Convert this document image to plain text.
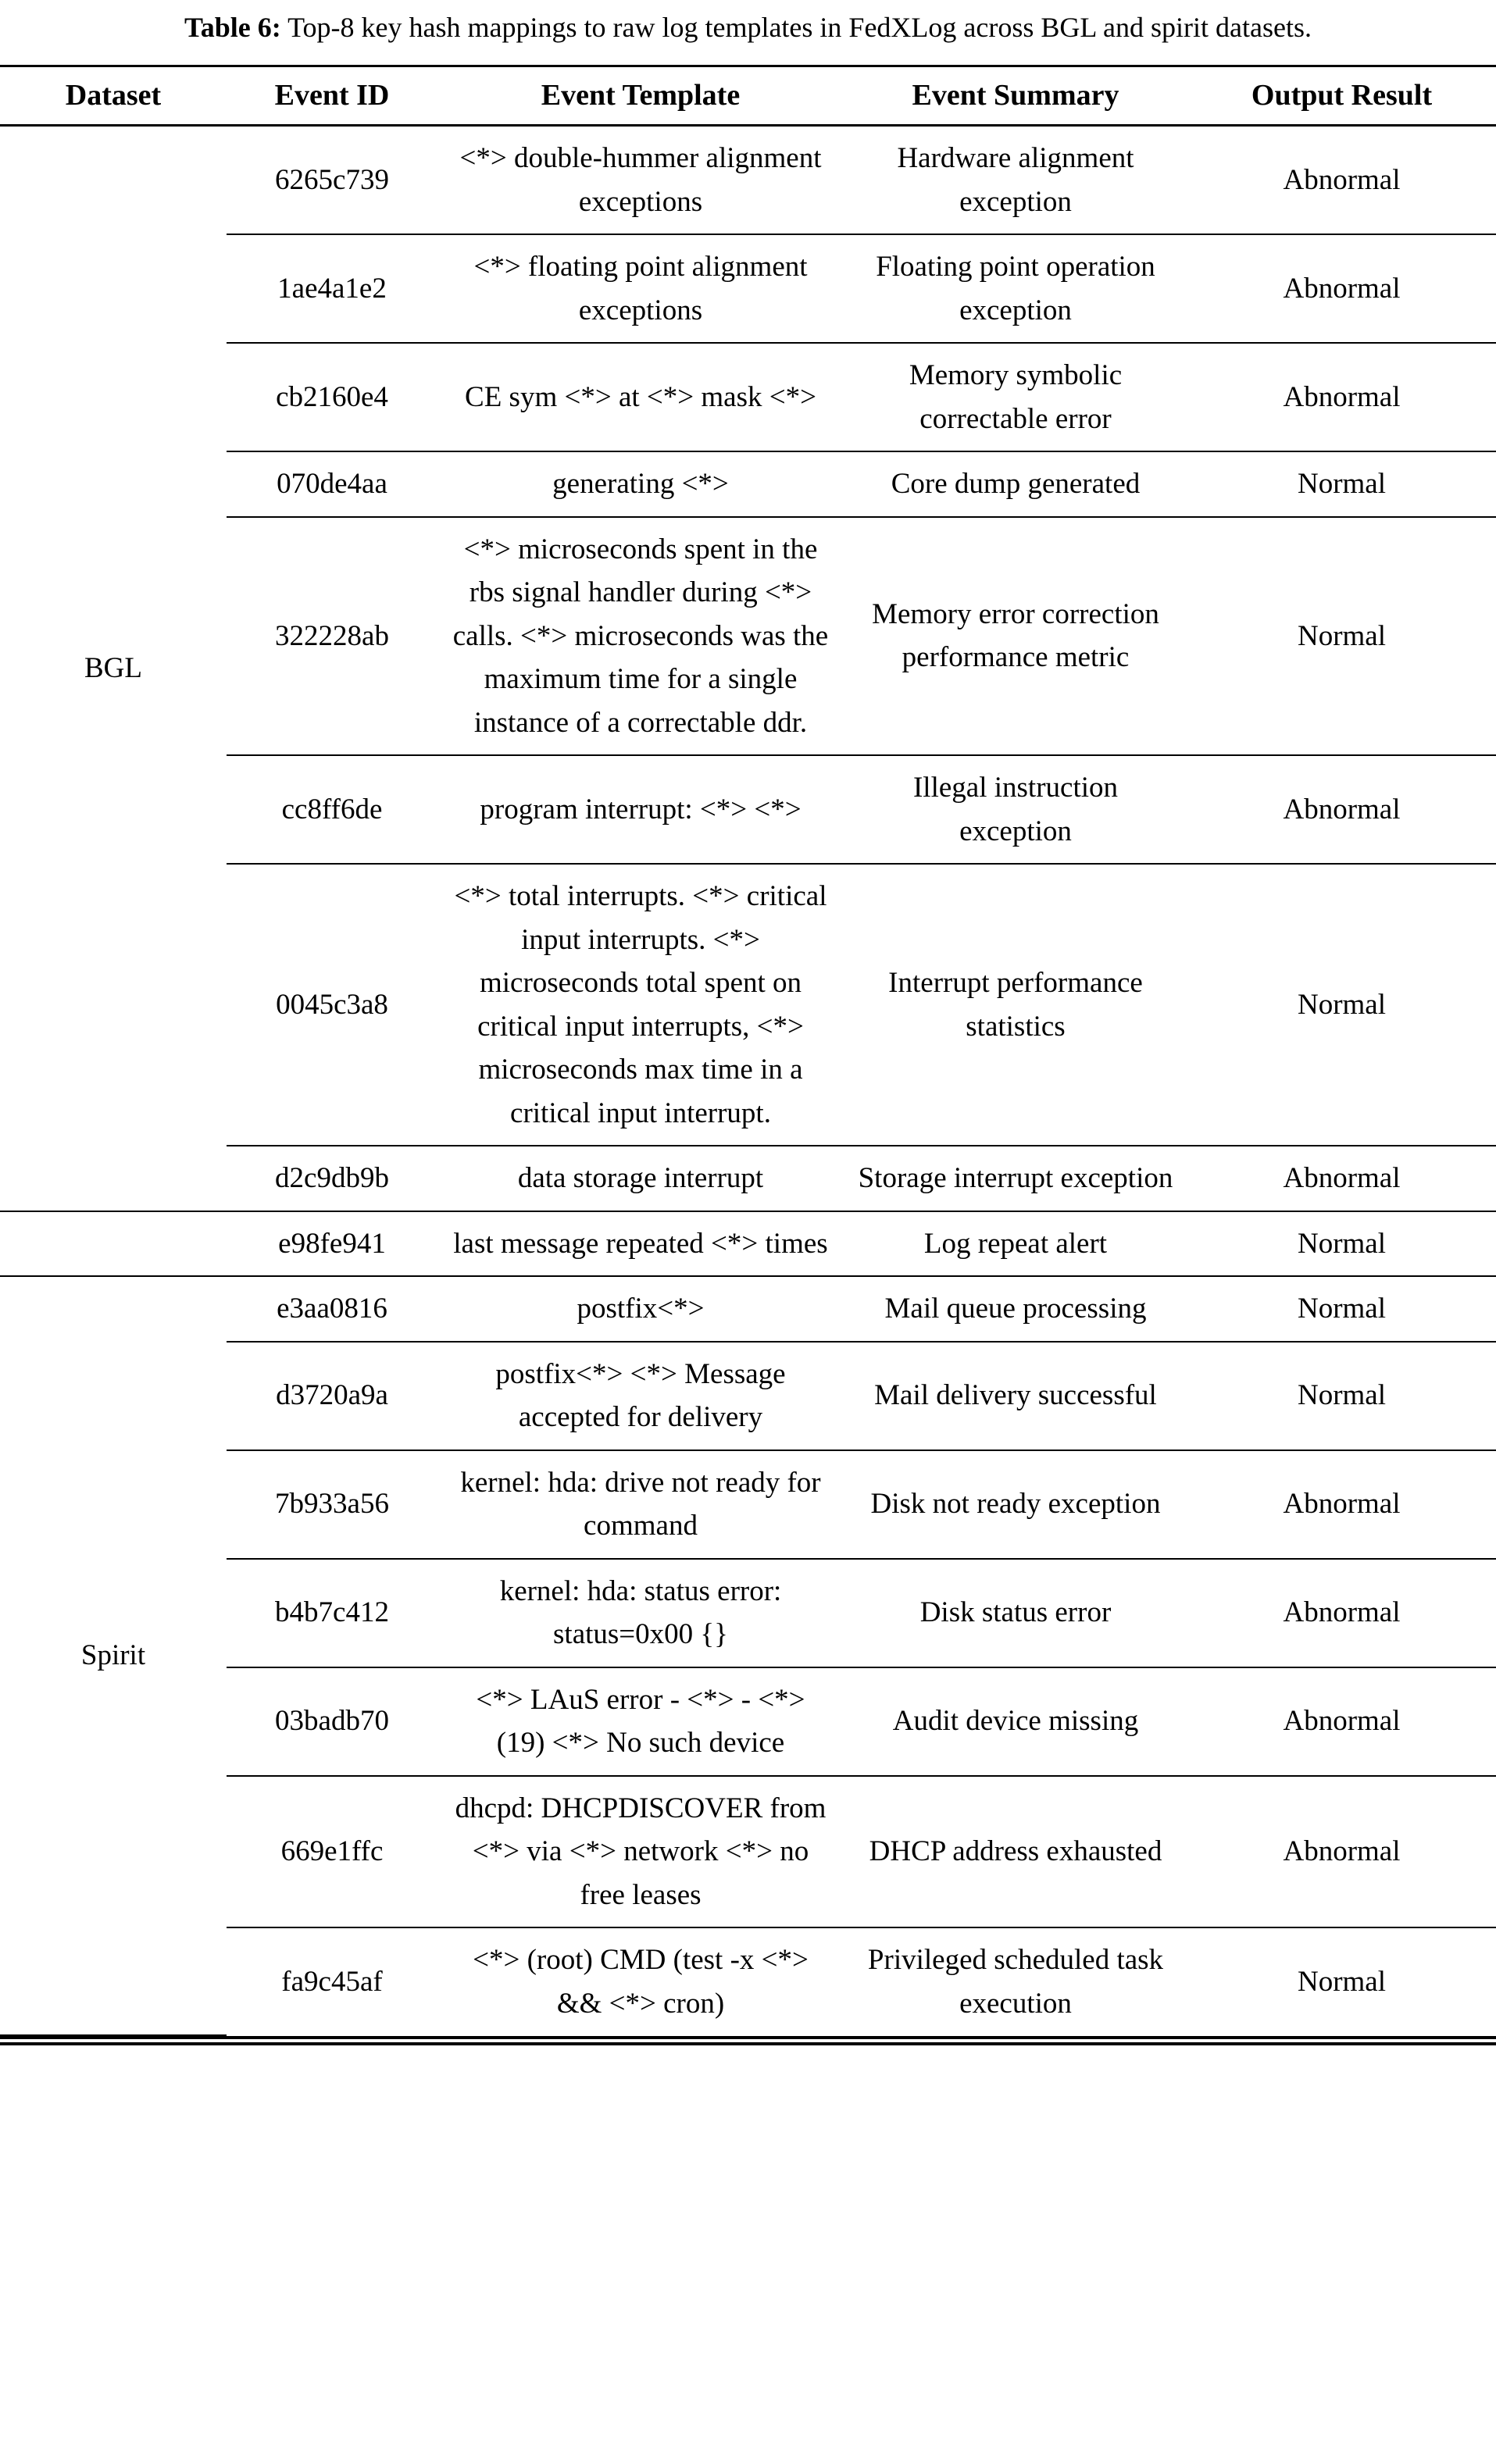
Table 6: Top-8 key hash mappings to raw log templates in FedXLog across BGL and spirit datasets.
Dataset	Event ID	Event Template	Event Summary	Output Result
BGL	6265c739	<*> double-hummer alignment exceptions	Hardware alignment exception	Abnormal
	1ae4a1e2	<*> floating point alignment exceptions	Floating point operation exception	Abnormal
	cb2160e4	CE sym <*> at <*> mask <*>	Memory symbolic correctable error	Abnormal
	070de4aa	generating <*>	Core dump generated	Normal
	322228ab	<*> microseconds spent in the rbs signal handler during <*> calls. <*> microseconds was the maximum time for a single instance of a correctable ddr.	Memory error correction performance metric	Normal
	cc8ff6de	program interrupt: <*> <*>	Illegal instruction exception	Abnormal
	0045c3a8	<*> total interrupts. <*> critical input interrupts. <*> microseconds total spent on critical input interrupts, <*> microseconds max time in a critical input interrupt.	Interrupt performance statistics	Normal
	d2c9db9b	data storage interrupt	Storage interrupt exception	Abnormal
	e98fe941	last message repeated <*> times	Log repeat alert	Normal
Spirit	e3aa0816	postfix<*>	Mail queue processing	Normal
	d3720a9a	postfix<*> <*> Message accepted for delivery	Mail delivery successful	Normal
	7b933a56	kernel: hda: drive not ready for command	Disk not ready exception	Abnormal
	b4b7c412	kernel: hda: status error: status=0x00 {}	Disk status error	Abnormal
	03badb70	<*> LAuS error - <*> - <*> (19) <*> No such device	Audit device missing	Abnormal
	669e1ffc	dhcpd: DHCPDISCOVER from <*> via <*> network <*> no free leases	DHCP address exhausted	Abnormal
	fa9c45af	<*> (root) CMD (test -x <*> && <*> cron)	Privileged scheduled task execution	Normal
